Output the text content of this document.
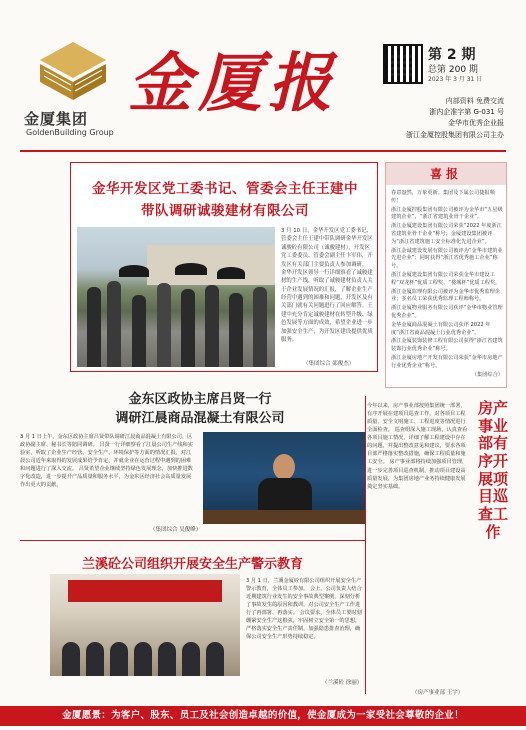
金厦集团
GoldenBuilding Group
金厦报	第 2 期
总第 200 期
2023 年 3 月 31 日
内部资料 免费交流
浙内企准字第 G-031 号
金华市优秀企业报
浙江金厦控股集团有限公司主办
金华开发区党工委书记、管委会主任王建中
带队调研诚骏建材有限公司
3 月 10 日，金华开发区党工委书记、管委会主任王建中带队调研金华开发区诚骏砼有限公司（诚骏建材），开发区党工委委员、管委会副主任卞军伟，开发区有关部门主要负责人参加调研。 金华开发区领导一行详细察看了诚骏建材的生产线，听取了诚骏建材负责人关于企业发展情况的汇报，了解企业生产经营中遇到的困难和问题，开发区及有关部门就有关问题进行了回应解答。王建中充分肯定诚骏建材在转型升级、绿色发展等方面的成效，希望企业进一步加强安全生产，为开发区建设提供优质服务。
（集团综合 邵俊杰）
喜报

春意盎然，万象更新。集团及下属公司捷报频传！

浙江金厦控股集团有限公司被评为金华市“五星级建筑企业”、“浙江省建筑业骨干企业”。

浙江金厦建设集团有限公司荣获“2022 年度浙江省建筑业骨干企业”称号；金厦建设集团被评为“浙江省建筑施工安全标准化先进企业”。

浙江金诚建设发展有限公司被评为“金华市建筑业先进企业”；同时获得“浙江省优秀施工企业”称号。

浙江金厦建设集团有限公司荣获金华市建设工程“双龙杯”优质工程奖、“婺城杯”优质工程奖。

浙江金厦监理有限公司被评为金华市优秀监理企业；多名员工荣获优秀监理工程师称号。

浙江金厦物业服务有限公司获评“金华市物业管理优秀企业”。

金华金厦商品混凝土有限公司获评 2022 年度“浙江省商品混凝土行业优秀企业”。

浙江金厦装饰装修工程有限公司获得“浙江省建筑装饰行业优秀企业”称号。

浙江金厦房地产开发有限公司荣获“金华市房地产行业优秀企业”称号。

（集团综合）

金东区政协主席吕贤一行
调研江晨商品混凝土有限公司
3 月 1 日上午，金东区政协主席吕贤带队调研江晨商品混凝土有限公司，区政协副主席、秘书长等陪同调研。 吕贤一行详细察看了江晨公司生产线和实验室，听取了企业生产经营、安全生产、环境保护等方面的情况汇报，对江晨公司近年来取得的发展成果给予肯定，并就企业在运营过程中遇到的困难和问题进行了深入交流。 吕贤希望企业继续坚持绿色发展理念，加快推进数字化改造，进一步提升产品质量和服务水平，为金东区经济社会高质量发展作出更大的贡献。
（集团综合 吴俊峰）
兰溪砼公司组织开展安全生产警示教育
3 月 1 日，兰溪金厦砼有限公司组织开展安全生产警示教育，全体员工参加。 会上，公司负责人结合近期建筑行业发生的安全事故典型案例，深刻分析了事故发生的原因和教训，对公司安全生产工作进行了再部署、再落实。 会议要求，全体员工要时刻绷紧安全生产这根弦，牢固树立安全第一的思想，严格落实安全生产责任制，加强隐患排查治理，确保公司安全生产形势持续稳定。
（兰溪砼 徐丽）
今年以来，房产事业部按照集团统一部署，有序开展在建项目巡查工作，对各项目工程质量、安全文明施工、工程进度等情况进行全面检查。 巡查组深入施工现场，认真查看各项目施工情况，详细了解工程建设中存在的问题，并提出整改意见和建议，要求各项目部严格落实整改措施，确保工程质量和施工安全。 房产事业部将持续加强项目管理，进一步完善项目巡查机制，推动项目建设高质量发展，为集团房地产业务持续健康发展奠定坚实基础。
（房产事业部 王宇）
房产事业部有序开展项目巡查工作
金厦愿景：为客户、股东、员工及社会创造卓越的价值，使金厦成为一家受社会尊敬的企业！
